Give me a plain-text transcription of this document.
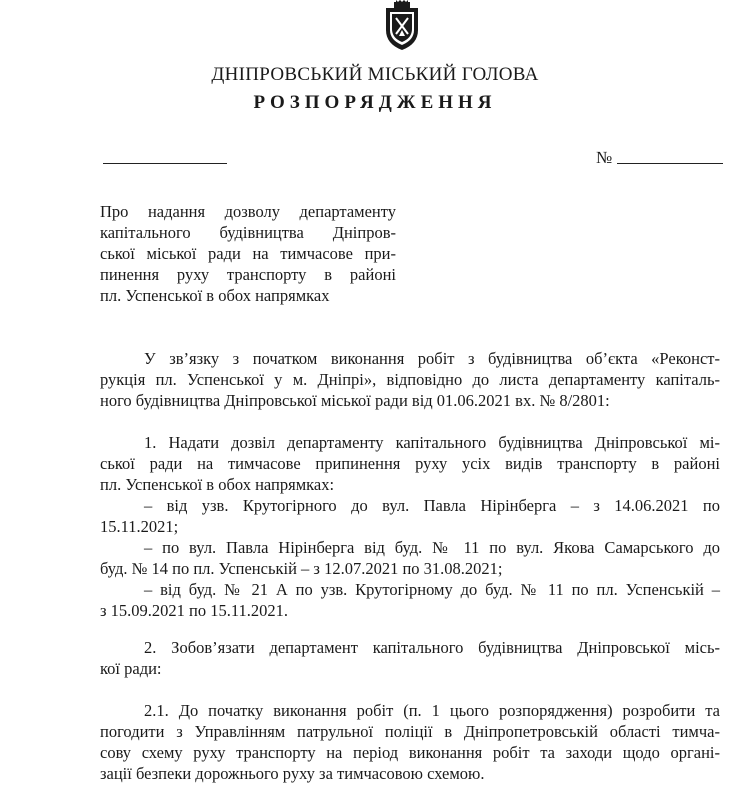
ДНІПРОВСЬКИЙ МІСЬКИЙ ГОЛОВА
РОЗПОРЯДЖЕННЯ
№
Про надання дозволу департаменту
капітального будівництва Дніпров-
ської міської ради на тимчасове при-
пинення руху транспорту в районі
пл. Успенської в обох напрямках
У зв’язку з початком виконання робіт з будівництва об’єкта «Реконст-
рукція пл. Успенської у м. Дніпрі», відповідно до листа департаменту капіталь-
ного будівництва Дніпровської міської ради від 01.06.2021 вх. № 8/2801:
1. Надати дозвіл департаменту капітального будівництва Дніпровської мі-
ської ради на тимчасове припинення руху усіх видів транспорту в районі
пл. Успенської в обох напрямках:
– від узв. Крутогірного до вул. Павла Нірінберга – з 14.06.2021 по
15.11.2021;
– по вул. Павла Нірінберга від буд. № 11 по вул. Якова Самарського до
буд. № 14 по пл. Успенській – з 12.07.2021 по 31.08.2021;
– від буд. № 21 А по узв. Крутогірному до буд. № 11 по пл. Успенській –
з 15.09.2021 по 15.11.2021.
2. Зобов’язати департамент капітального будівництва Дніпровської місь-
кої ради:
2.1. До початку виконання робіт (п. 1 цього розпорядження) розробити та
погодити з Управлінням патрульної поліції в Дніпропетровській області тимча-
сову схему руху транспорту на період виконання робіт та заходи щодо органі-
зації безпеки дорожнього руху за тимчасовою схемою.
